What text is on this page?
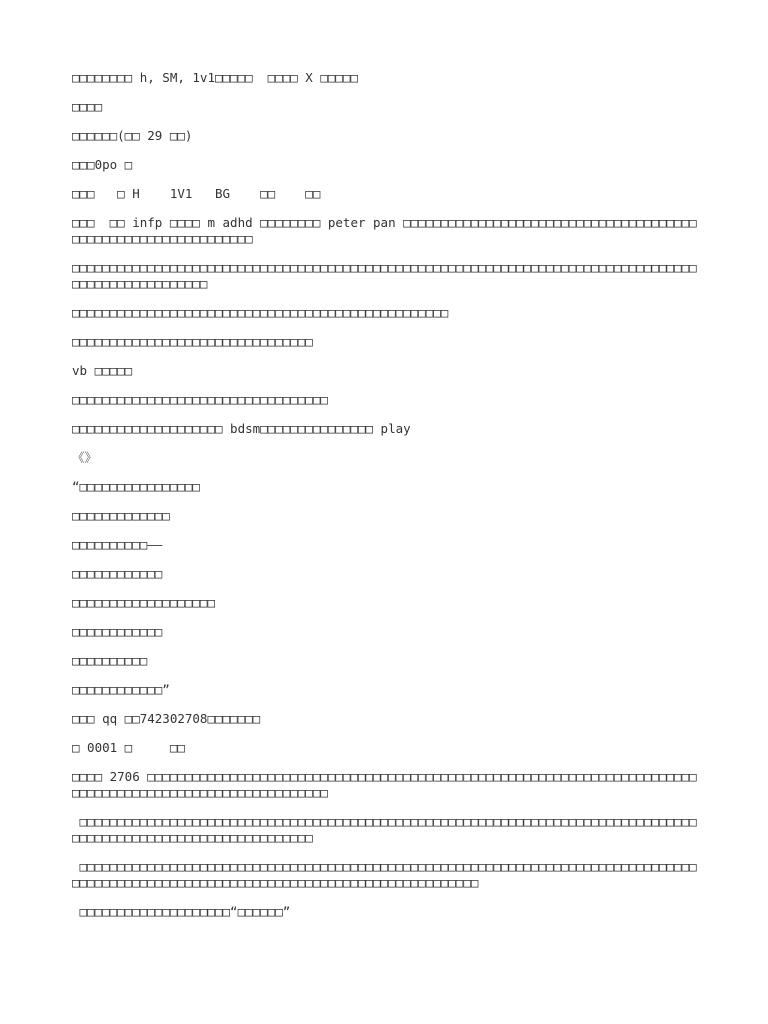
□□□□□□□□ h, SM, 1v1□□□□□  □□□□ X □□□□□

□□□□

□□□□□□(□□ 29 □□)

□□□0po □

□□□   □ H    1V1   BG    □□    □□

□□□  □□ infp □□□□ m adhd □□□□□□□□ peter pan □□□□□□□□□□□□□□□□□□□□□□□□□□□□□□□□□□□□□□□□□□□□□□□□□□□□□□□□□□□□□□□

□□□□□□□□□□□□□□□□□□□□□□□□□□□□□□□□□□□□□□□□□□□□□□□□□□□□□□□□□□□□□□□□□□□□□□□□□□□□□□□□□□□□□□□□□□□□□□□□□□□□□

□□□□□□□□□□□□□□□□□□□□□□□□□□□□□□□□□□□□□□□□□□□□□□□□□□

□□□□□□□□□□□□□□□□□□□□□□□□□□□□□□□□

vb □□□□□

□□□□□□□□□□□□□□□□□□□□□□□□□□□□□□□□□□

□□□□□□□□□□□□□□□□□□□□ bdsm□□□□□□□□□□□□□□□ play

《》

“□□□□□□□□□□□□□□□□

□□□□□□□□□□□□□

□□□□□□□□□□——

□□□□□□□□□□□□

□□□□□□□□□□□□□□□□□□□

□□□□□□□□□□□□

□□□□□□□□□□

□□□□□□□□□□□□”

□□□ qq □□742302708□□□□□□□

□ 0001 □     □□

□□□□ 2706 □□□□□□□□□□□□□□□□□□□□□□□□□□□□□□□□□□□□□□□□□□□□□□□□□□□□□□□□□□□□□□□□□□□□□□□□□□□□□□□□□□□□□□□□□□□□□□□□□□□□□□□□□□□

□□□□□□□□□□□□□□□□□□□□□□□□□□□□□□□□□□□□□□□□□□□□□□□□□□□□□□□□□□□□□□□□□□□□□□□□□□□□□□□□□□□□□□□□□□□□□□□□□□□□□□□□□□□□□□□□□□

□□□□□□□□□□□□□□□□□□□□□□□□□□□□□□□□□□□□□□□□□□□□□□□□□□□□□□□□□□□□□□□□□□□□□□□□□□□□□□□□□□□□□□□□□□□□□□□□□□□□□□□□□□□□□□□□□□□□□□□□□□□□□□□□□□□□□□□□

□□□□□□□□□□□□□□□□□□□□“□□□□□□”
